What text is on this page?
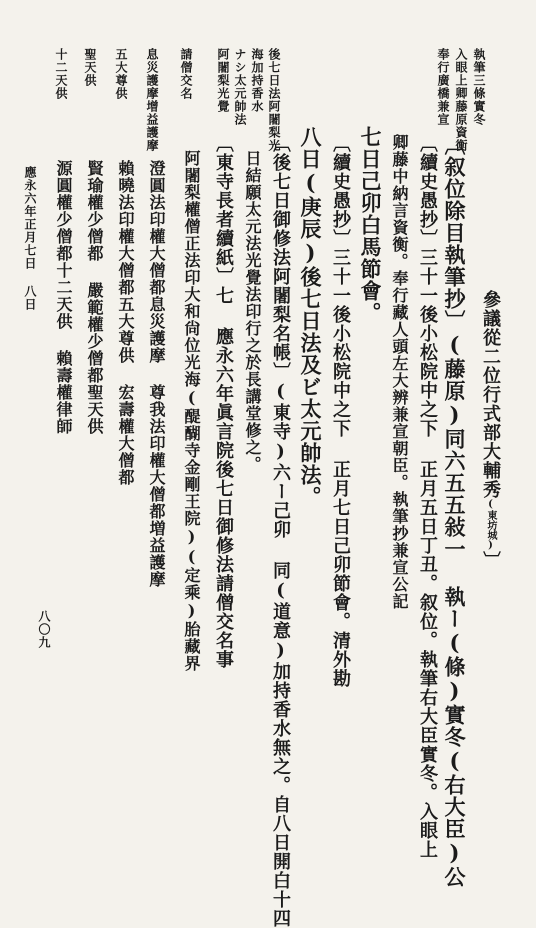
參議從二位行式部大輔秀(東坊城)〕
〔叙位除目執筆抄〕(藤原)同六五五敍一 執ー(條)實冬(右大臣)公
〔續史愚抄〕三十一後小松院中之下 正月五日丁丑。叙位。執筆右大臣實冬。入眼上
卿藤中納言資衡。奉行藏人頭左大辨兼宣朝臣。執筆抄兼宣公記
七日己卯白馬節會。
〔續史愚抄〕三十一後小松院中之下 正月七日己卯節會。清外勘
八日(庚辰)後七日法及ビ太元帥法。
〔後七日御修法阿闍梨名帳〕(東寺)六ー己卯 同(道意)加持香水無之。自八日開白十四
日結願太元法光覺法印行之於長講堂修之。
〔東寺長者續紙〕七 應永六年眞言院後七日御修法請僧交名事
阿闍梨權僧正法印大和尙位光海(醍醐寺金剛王院)(定乘)胎藏界
澄圓法印權大僧都息災護摩 尊我法印權大僧都増益護摩
賴曉法印權大僧都五大尊供 宏壽權大僧都
賢瑜權少僧都 嚴範權少僧都聖天供
源圓權少僧都十二天供 賴壽權律師
應永六年正月七日 八日
執筆三條實冬
入眼上卿藤原資衡
奉行廣橋兼宣
後七日法阿闍梨光
海加持香水
ナシ太元帥法
阿闍梨光覺
請僧交名
息災護摩增益護摩
五大尊供
聖天供
十二天供
八〇九
